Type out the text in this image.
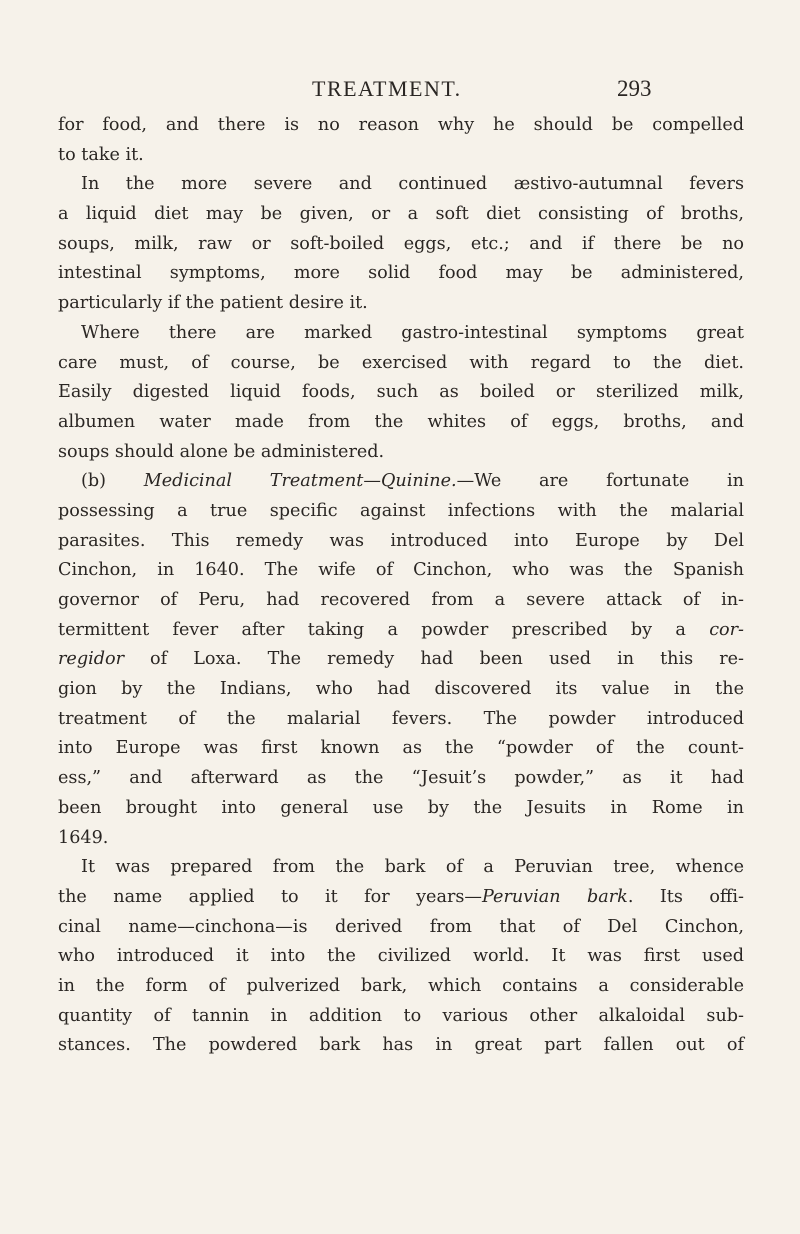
TREATMENT.	293
for food, and there is no reason why he should be compelled
to take it.
In the more severe and continued æstivo-autumnal fevers
a liquid diet may be given, or a soft diet consisting of broths,
soups, milk, raw or soft-boiled eggs, etc.; and if there be no
intestinal symptoms, more solid food may be administered,
particularly if the patient desire it.
Where there are marked gastro-intestinal symptoms great
care must, of course, be exercised with regard to the diet.
Easily digested liquid foods, such as boiled or sterilized milk,
albumen water made from the whites of eggs, broths, and
soups should alone be administered.
(b) Medicinal Treatment—Quinine.—We are fortunate in
possessing a true specific against infections with the malarial
parasites. This remedy was introduced into Europe by Del
Cinchon, in 1640. The wife of Cinchon, who was the Spanish
governor of Peru, had recovered from a severe attack of in-
termittent fever after taking a powder prescribed by a cor-
regidor of Loxa. The remedy had been used in this re-
gion by the Indians, who had discovered its value in the
treatment of the malarial fevers. The powder introduced
into Europe was first known as the “powder of the count-
ess,” and afterward as the “Jesuit’s powder,” as it had
been brought into general use by the Jesuits in Rome in
1649.
It was prepared from the bark of a Peruvian tree, whence
the name applied to it for years—Peruvian bark. Its offi-
cinal name—cinchona—is derived from that of Del Cinchon,
who introduced it into the civilized world. It was first used
in the form of pulverized bark, which contains a considerable
quantity of tannin in addition to various other alkaloidal sub-
stances. The powdered bark has in great part fallen out of
